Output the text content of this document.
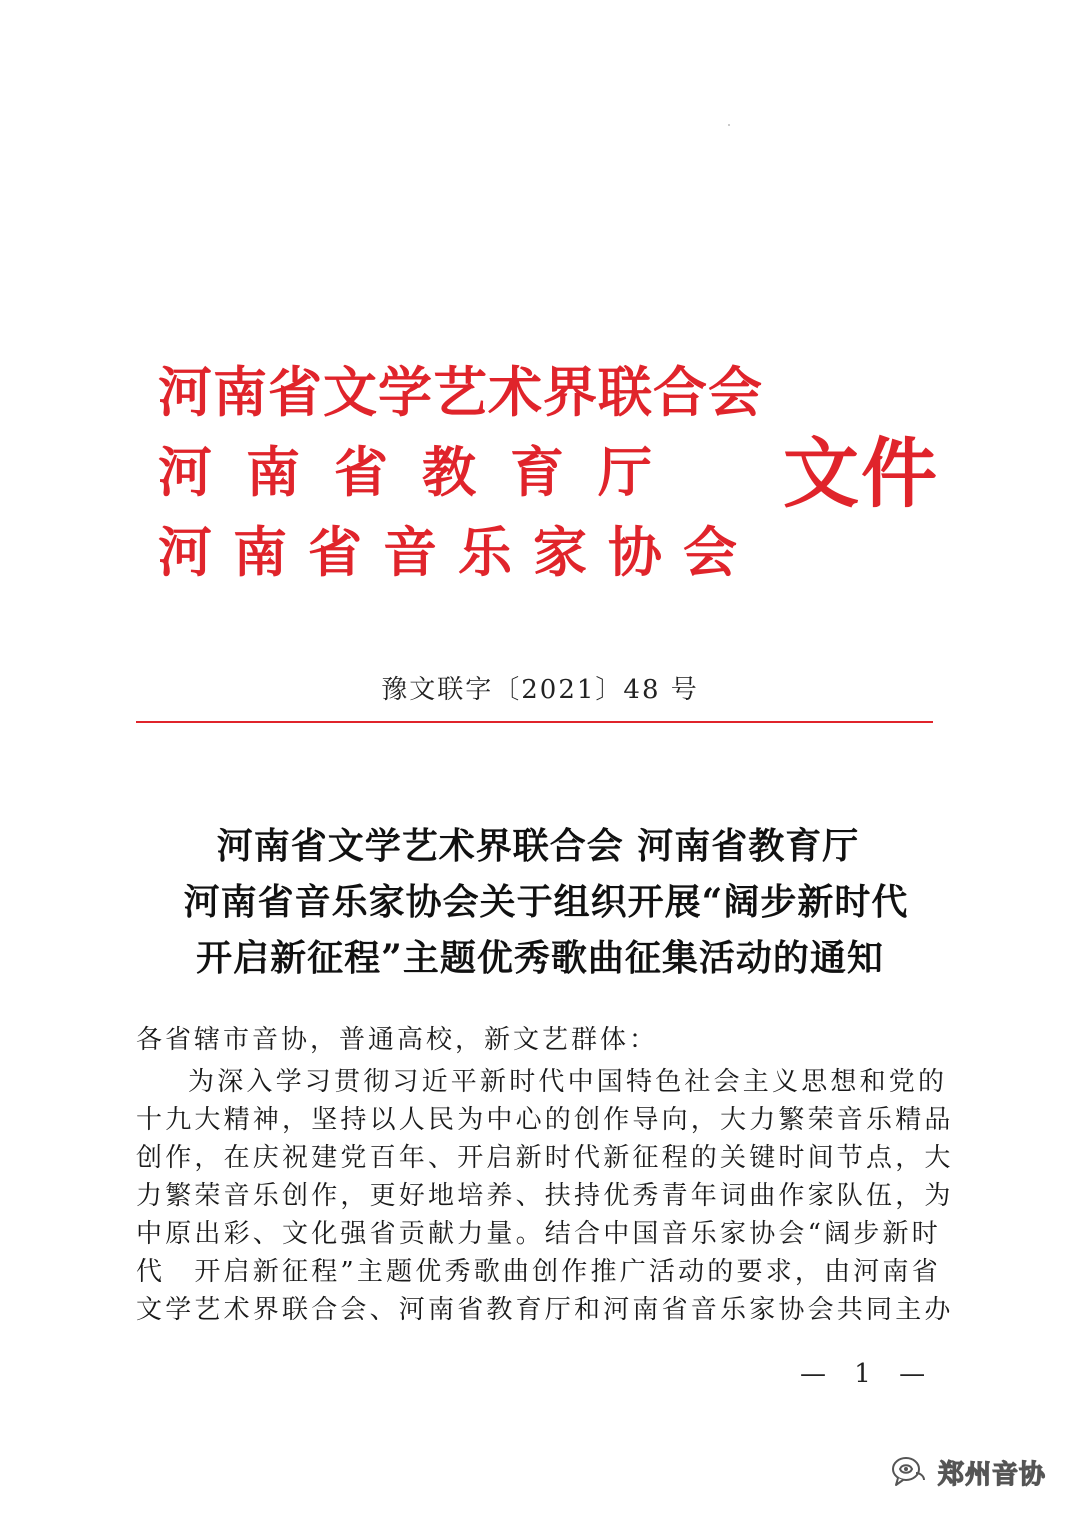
河南省文学艺术界联合会
河南省教育厅
河南省音乐家协会
文件
豫文联字〔2021〕48 号
河南省文学艺术界联合会 河南省教育厅
河南省音乐家协会关于组织开展“阔步新时代
开启新征程”主题优秀歌曲征集活动的通知
各省辖市音协，普通高校，新文艺群体：
为深入学习贯彻习近平新时代中国特色社会主义思想和党的
十九大精神，坚持以人民为中心的创作导向，大力繁荣音乐精品
创作，在庆祝建党百年、开启新时代新征程的关键时间节点，大
力繁荣音乐创作，更好地培养、扶持优秀青年词曲作家队伍，为
中原出彩、文化强省贡献力量。结合中国音乐家协会“阔步新时
代　开启新征程”主题优秀歌曲创作推广活动的要求，由河南省
文学艺术界联合会、河南省教育厅和河南省音乐家协会共同主办
— 1 —
郑州音协
